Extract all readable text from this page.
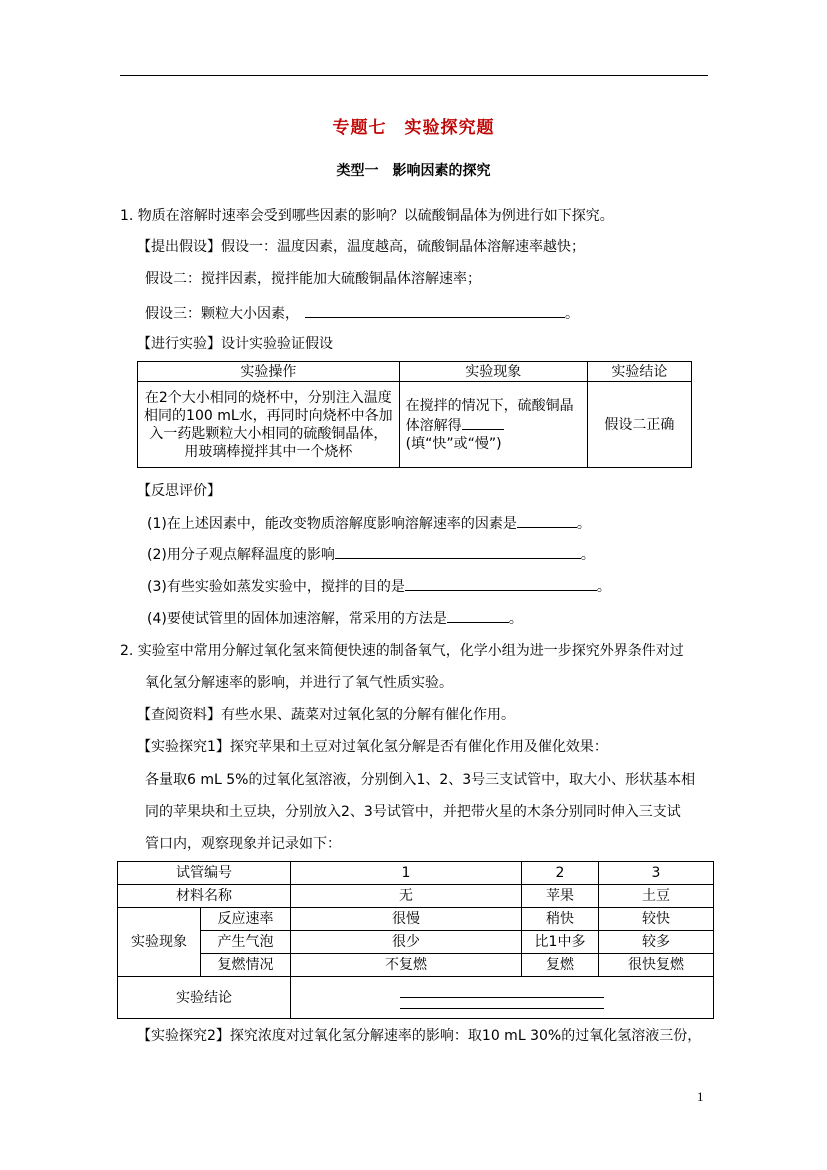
专题七　实验探究题
类型一　影响因素的探究
1. 物质在溶解时速率会受到哪些因素的影响？以硫酸铜晶体为例进行如下探究。
【提出假设】假设一：温度因素，温度越高，硫酸铜晶体溶解速率越快；
假设二：搅拌因素，搅拌能加大硫酸铜晶体溶解速率；
假设三：颗粒大小因素，	。
【进行实验】设计实验验证假设
实验操作	实验现象	实验结论
在2个大小相同的烧杯中，分别注入温度相同的100 mL水，再同时向烧杯中各加入一药匙颗粒大小相同的硫酸铜晶体，用玻璃棒搅拌其中一个烧杯	在搅拌的情况下，硫酸铜晶体溶解得(填“快”或“慢”)	假设二正确
【反思评价】
(1)在上述因素中，能改变物质溶解度影响溶解速率的因素是	。
(2)用分子观点解释温度的影响	。
(3)有些实验如蒸发实验中，搅拌的目的是	。
(4)要使试管里的固体加速溶解，常采用的方法是	。
2. 实验室中常用分解过氧化氢来简便快速的制备氧气，化学小组为进一步探究外界条件对过
氧化氢分解速率的影响，并进行了氧气性质实验。
【查阅资料】有些水果、蔬菜对过氧化氢的分解有催化作用。
【实验探究1】探究苹果和土豆对过氧化氢分解是否有催化作用及催化效果：
各量取6 mL 5%的过氧化氢溶液，分别倒入1、2、3号三支试管中，取大小、形状基本相
同的苹果块和土豆块，分别放入2、3号试管中，并把带火星的木条分别同时伸入三支试
管口内，观察现象并记录如下：
试管编号		1	2	3
材料名称		无	苹果	土豆
实验现象	反应速率	很慢	稍快	较快
	产生气泡	很少	比1中多	较多
	复燃情况	不复燃	复燃	很快复燃
实验结论				
【实验探究2】探究浓度对过氧化氢分解速率的影响：取10 mL 30%的过氧化氢溶液三份，
1
